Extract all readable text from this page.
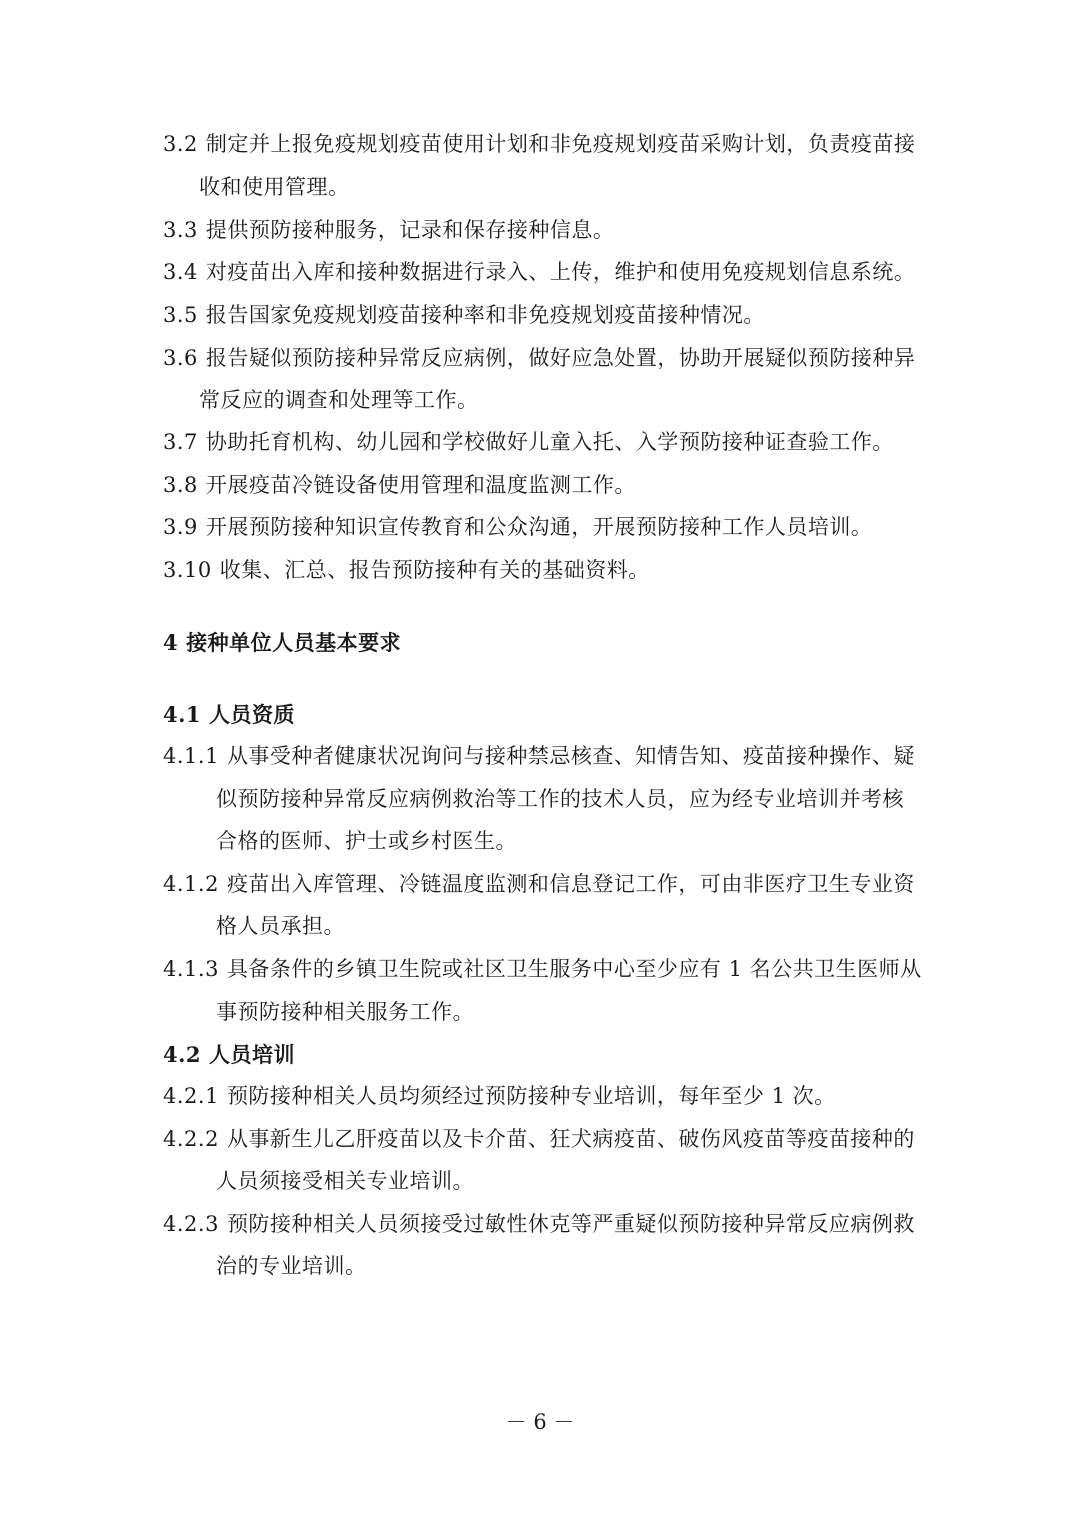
3.2 制定并上报免疫规划疫苗使用计划和非免疫规划疫苗采购计划，负责疫苗接
收和使用管理。
3.3 提供预防接种服务，记录和保存接种信息。
3.4 对疫苗出入库和接种数据进行录入、上传，维护和使用免疫规划信息系统。
3.5 报告国家免疫规划疫苗接种率和非免疫规划疫苗接种情况。
3.6 报告疑似预防接种异常反应病例，做好应急处置，协助开展疑似预防接种异
常反应的调查和处理等工作。
3.7 协助托育机构、幼儿园和学校做好儿童入托、入学预防接种证查验工作。
3.8 开展疫苗冷链设备使用管理和温度监测工作。
3.9 开展预防接种知识宣传教育和公众沟通，开展预防接种工作人员培训。
3.10 收集、汇总、报告预防接种有关的基础资料。
4 接种单位人员基本要求
4.1 人员资质
4.1.1 从事受种者健康状况询问与接种禁忌核查、知情告知、疫苗接种操作、疑
似预防接种异常反应病例救治等工作的技术人员，应为经专业培训并考核
合格的医师、护士或乡村医生。
4.1.2 疫苗出入库管理、冷链温度监测和信息登记工作，可由非医疗卫生专业资
格人员承担。
4.1.3 具备条件的乡镇卫生院或社区卫生服务中心至少应有 1 名公共卫生医师从
事预防接种相关服务工作。
4.2 人员培训
4.2.1 预防接种相关人员均须经过预防接种专业培训，每年至少 1 次。
4.2.2 从事新生儿乙肝疫苗以及卡介苗、狂犬病疫苗、破伤风疫苗等疫苗接种的
人员须接受相关专业培训。
4.2.3 预防接种相关人员须接受过敏性休克等严重疑似预防接种异常反应病例救
治的专业培训。
－ 6 －
